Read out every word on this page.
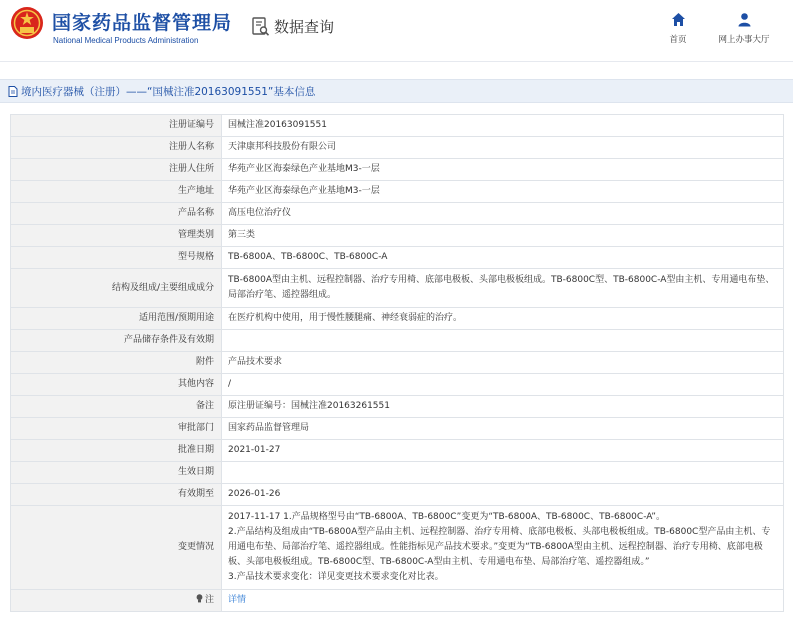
国家药品监督管理局
National Medical Products Administration
数据查询
首页	网上办事大厅
境内医疗器械（注册）——“国械注准20163091551”基本信息
注册证编号	国械注准20163091551
注册人名称	天津康邦科技股份有限公司
注册人住所	华苑产业区海泰绿色产业基地M3-一层
生产地址	华苑产业区海泰绿色产业基地M3-一层
产品名称	高压电位治疗仪
管理类别	第三类
型号规格	TB-6800A、TB-6800C、TB-6800C-A
结构及组成/主要组成成分	TB-6800A型由主机、远程控制器、治疗专用椅、底部电极板、头部电极板组成。TB-6800C型、TB-6800C-A型由主机、专用通电布垫、局部治疗笔、遥控器组成。
适用范围/预期用途	在医疗机构中使用，用于慢性腰腿痛、神经衰弱症的治疗。
产品储存条件及有效期	
附件	产品技术要求
其他内容	/
备注	原注册证编号：国械注准20163261551
审批部门	国家药品监督管理局
批准日期	2021-01-27
生效日期	
有效期至	2026-01-26
变更情况	2017-11-17 1.产品规格型号由“TB-6800A、TB-6800C”变更为“TB-6800A、TB-6800C、TB-6800C-A”。
2.产品结构及组成由“TB-6800A型产品由主机、远程控制器、治疗专用椅、底部电极板、头部电极板组成。TB-6800C型产品由主机、专用通电布垫、局部治疗笔、遥控器组成。性能指标见产品技术要求。”变更为“TB-6800A型由主机、远程控制器、治疗专用椅、底部电极板、头部电极板组成。TB-6800C型、TB-6800C-A型由主机、专用通电布垫、局部治疗笔、遥控器组成。”
3.产品技术要求变化：详见变更技术要求变化对比表。
注	详情
